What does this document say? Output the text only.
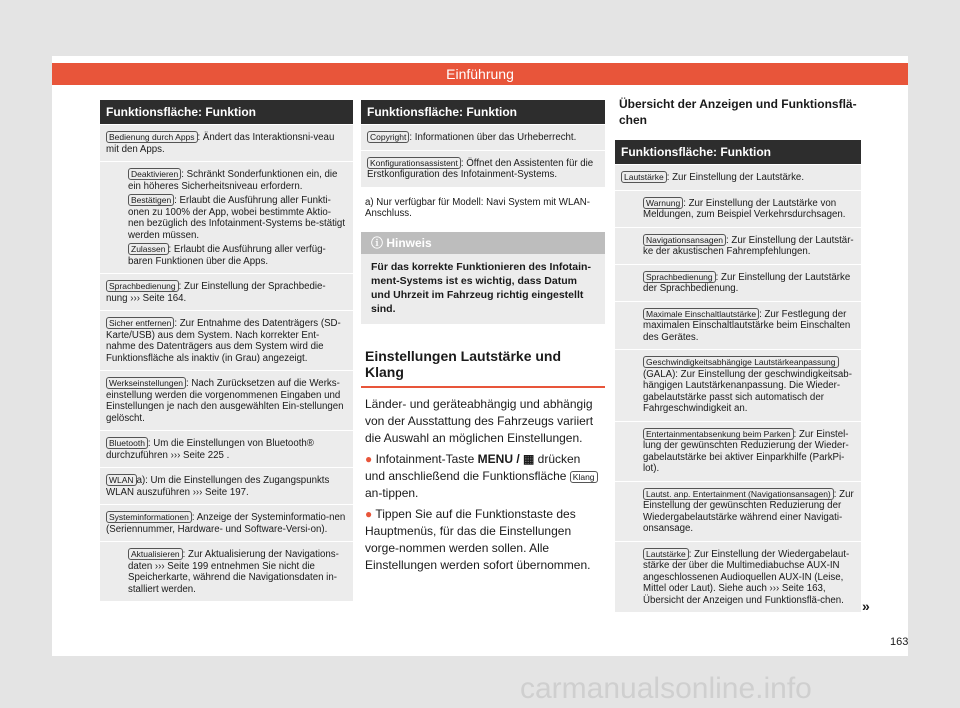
Einführung
Funktionsfläche: Funktion
Bedienung durch Apps : Ändert das Interaktionsni-veau mit den Apps.
Deaktivieren : Schränkt Sonderfunktionen ein, die ein höheres Sicherheitsniveau erfordern.
Bestätigen : Erlaubt die Ausführung aller Funkti-onen zu 100% der App, wobei bestimmte Aktio-nen bezüglich des Infotainment-Systems be-stätigt werden müssen.
Zulassen : Erlaubt die Ausführung aller verfüg-baren Funktionen über die Apps.
Sprachbedienung : Zur Einstellung der Sprachbedie-nung ››› Seite 164.
Sicher entfernen : Zur Entnahme des Datenträgers (SD-Karte/USB) aus dem System. Nach korrekter Ent-nahme des Datenträgers aus dem System wird die Funktionsfläche als inaktiv (in Grau) angezeigt.
Werkseinstellungen : Nach Zurücksetzen auf die Werks-einstellung werden die vorgenommenen Eingaben und Einstellungen je nach den ausgewählten Ein-stellungen gelöscht.
Bluetooth : Um die Einstellungen von Bluetooth® durchzuführen ››› Seite 225 .
WLAN a): Um die Einstellungen des Zugangspunkts WLAN auszuführen ››› Seite 197.
Systeminformationen : Anzeige der Systeminformatio-nen (Seriennummer, Hardware- und Software-Versi-on).
Aktualisieren : Zur Aktualisierung der Navigations-daten ››› Seite 199 entnehmen Sie nicht die Speicherkarte, während die Navigationsdaten in-stalliert werden.
Funktionsfläche: Funktion
Copyright : Informationen über das Urheberrecht.
Konfigurationsassistent : Öffnet den Assistenten für die Erstkonfiguration des Infotainment-Systems.

a) Nur verfügbar für Modell: Navi System mit WLAN-Anschluss.

ⓘ Hinweis
Für das korrekte Funktionieren des Infotain-ment-Systems ist es wichtig, dass Datum und Uhrzeit im Fahrzeug richtig eingestellt sind.
Einstellungen Lautstärke und Klang

Länder- und geräteabhängig und abhängig von der Ausstattung des Fahrzeugs variiert die Auswahl an möglichen Einstellungen.

● Infotainment-Taste MENU / ▦ drücken und anschließend die Funktionsfläche Klang an-tippen.

● Tippen Sie auf die Funktionstaste des Hauptmenüs, für das die Einstellungen vorge-nommen werden sollen. Alle Einstellungen werden sofort übernommen.

Übersicht der Anzeigen und Funktionsflä-chen

Funktionsfläche: Funktion
Lautstärke : Zur Einstellung der Lautstärke.
Warnung : Zur Einstellung der Lautstärke von Meldungen, zum Beispiel Verkehrsdurchsagen.
Navigationsansagen : Zur Einstellung der Lautstär-ke der akustischen Fahrempfehlungen.
Sprachbedienung : Zur Einstellung der Lautstärke der Sprachbedienung.
Maximale Einschaltlautstärke : Zur Festlegung der maximalen Einschaltlautstärke beim Einschalten des Gerätes.
Geschwindigkeitsabhängige Lautstärkeanpassung (GALA): Zur Einstellung der geschwindigkeitsab-hängigen Lautstärkenanpassung. Die Wieder-gabelautstärke passt sich automatisch der Fahrgeschwindigkeit an.
Entertainmentabsenkung beim Parken : Zur Einstel-lung der gewünschten Reduzierung der Wieder-gabelautstärke bei aktiver Einparkhilfe (ParkPi-lot).
Lautst. anp. Entertainment (Navigationsansagen) : Zur Einstellung der gewünschten Reduzierung der Wiedergabelautstärke während einer Navigati-onsansage.
Lautstärke : Zur Einstellung der Wiedergabelaut-stärke der über die Multimediabuchse AUX-IN angeschlossenen Audioquellen AUX-IN (Leise, Mittel oder Laut). Siehe auch ››› Seite 163, Übersicht der Anzeigen und Funktionsflä-chen.	»
163
carmanualsonline.info
